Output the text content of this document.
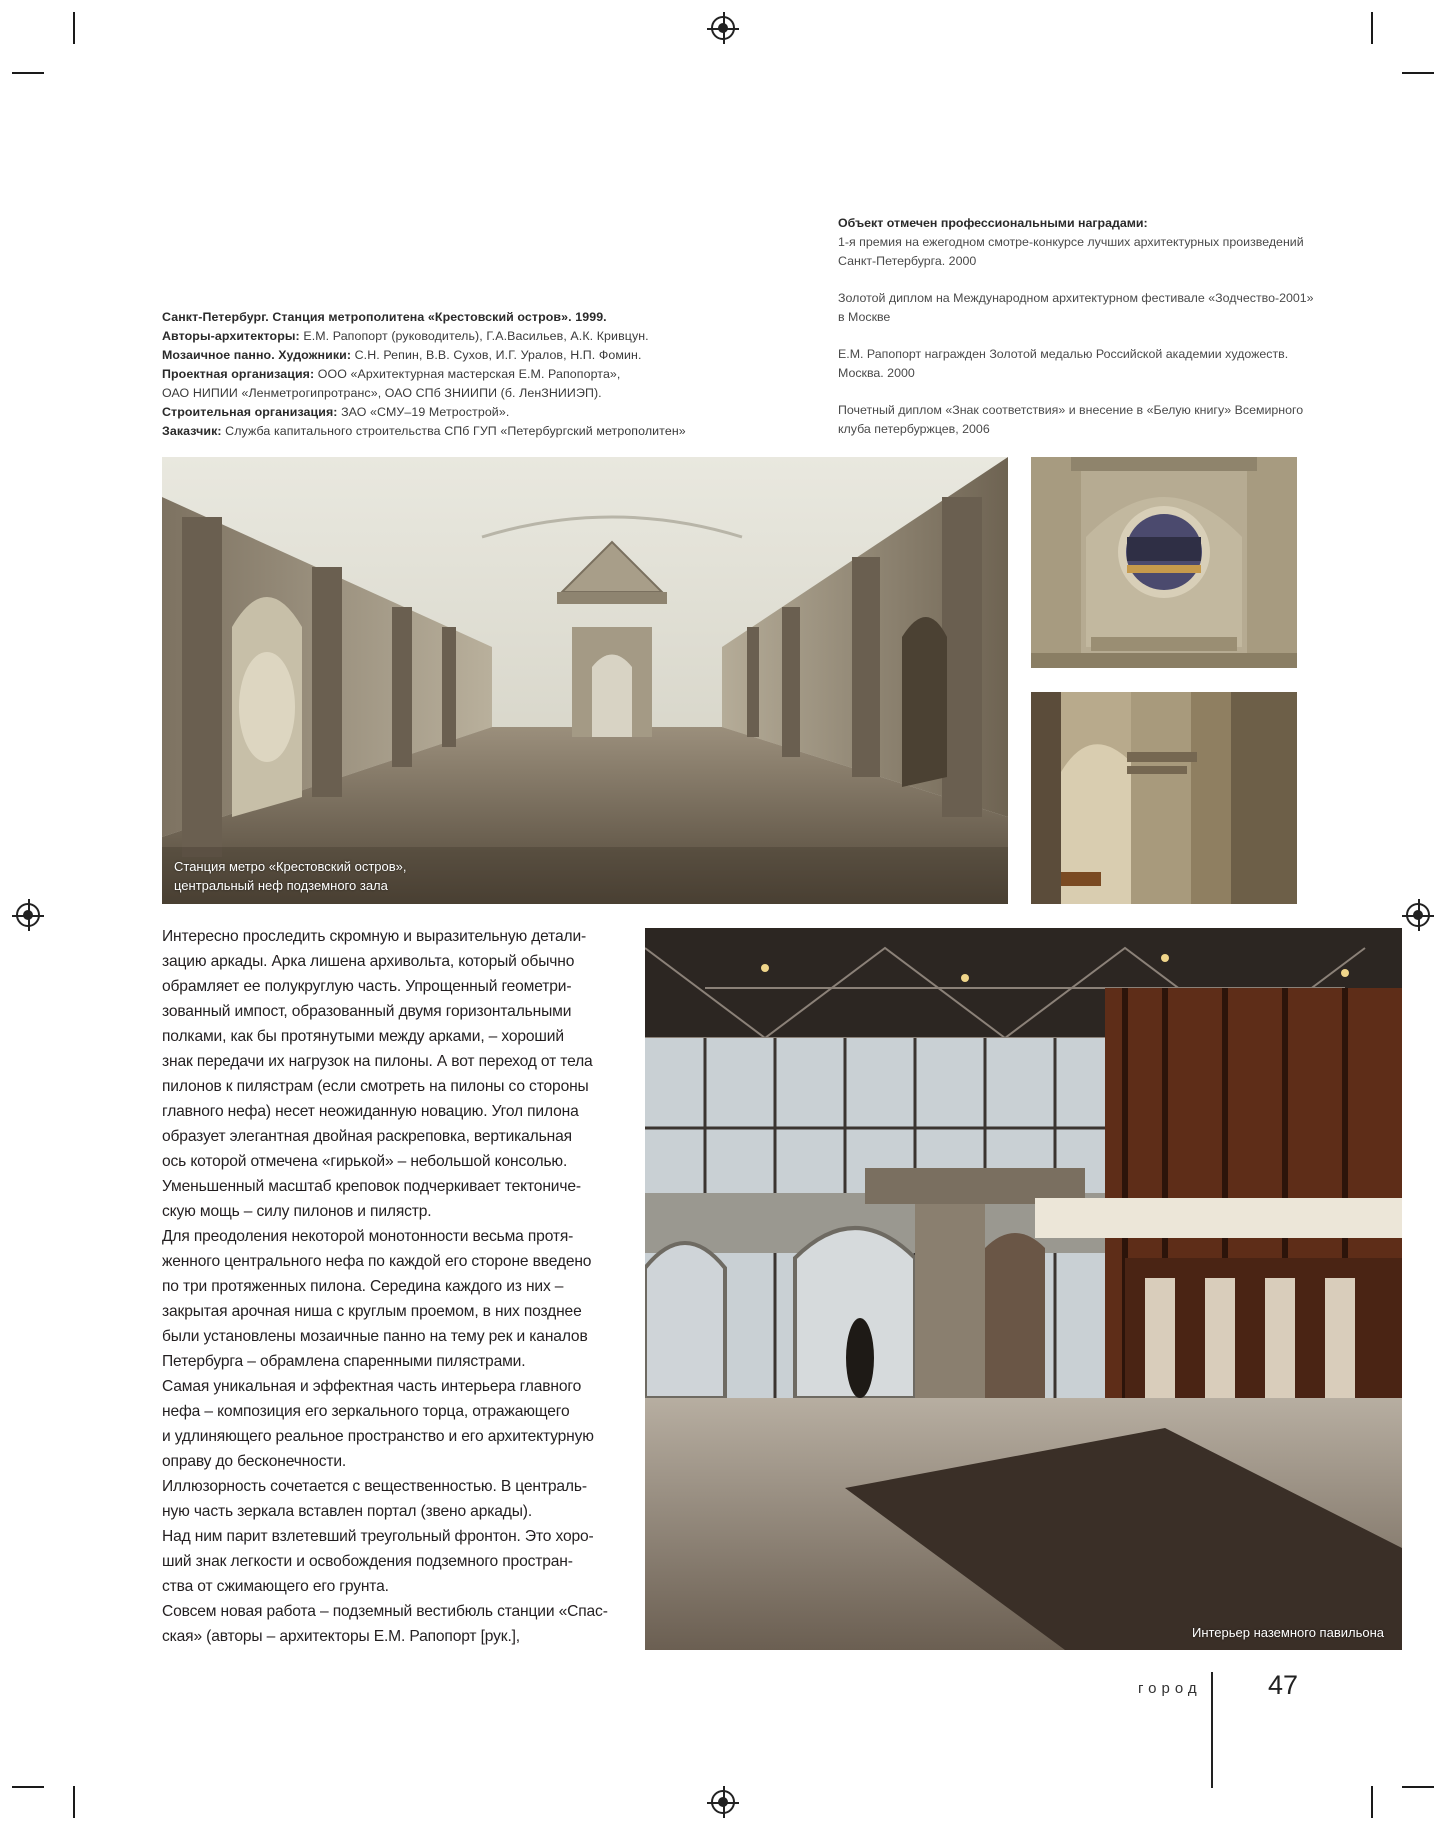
Санкт-Петербург. Станция метрополитена «Крестовский остров». 1999.
Авторы-архитекторы: Е.М. Рапопорт (руководитель), Г.А.Васильев, А.К. Кривцун.
Мозаичное панно. Художники: С.Н. Репин, В.В. Сухов, И.Г. Уралов, Н.П. Фомин.
Проектная организация: ООО «Архитектурная мастерская Е.М. Рапопорта»,
ОАО НИПИИ «Ленметрогипротранс», ОАО СПб ЗНИИПИ (б. ЛенЗНИИЭП).
Строительная организация: ЗАО «СМУ–19 Метрострой».
Заказчик: Служба капитального строительства СПб ГУП «Петербургский метрополитен»
Объект отмечен профессиональными наградами:

1-я премия на ежегодном смотре-конкурсе лучших архитектурных произведений Санкт-Петербурга. 2000

Золотой диплом на Международном архитектурном фестивале «Зодчество-2001» в Москве

Е.М. Рапопорт награжден Золотой медалью Российской академии художеств. Москва. 2000

Почетный диплом «Знак соответствия» и внесение в «Белую книгу» Всемирного клуба петербуржцев, 2006

Станция метро «Крестовский остров»,
центральный неф подземного зала
Интересно проследить скромную и выразительную детали-
зацию аркады. Арка лишена архивольта, который обычно
обрамляет ее полукруглую часть. Упрощенный геометри-
зованный импост, образованный двумя горизонтальными
полками, как бы протянутыми между арками, – хороший
знак передачи их нагрузок на пилоны. А вот переход от тела
пилонов к пилястрам (если смотреть на пилоны со стороны
главного нефа) несет неожиданную новацию. Угол пилона
образует элегантная двойная раскреповка, вертикальная
ось которой отмечена «гирькой» – небольшой консолью.
Уменьшенный масштаб креповок подчеркивает тектониче-
скую мощь – силу пилонов и пилястр.
Для преодоления некоторой монотонности весьма протя-
женного центрального нефа по каждой его стороне введено
по три протяженных пилона. Середина каждого из них –
закрытая арочная ниша с круглым проемом, в них позднее
были установлены мозаичные панно на тему рек и каналов
Петербурга – обрамлена спаренными пилястрами.
Самая уникальная и эффектная часть интерьера главного
нефа – композиция его зеркального торца, отражающего
и удлиняющего реальное пространство и его архитектурную
оправу до бесконечности.
Иллюзорность сочетается с вещественностью. В централь-
ную часть зеркала вставлен портал (звено аркады).
Над ним парит взлетевший треугольный фронтон. Это хоро-
ший знак легкости и освобождения подземного простран-
ства от сжимающего его грунта.
Совсем новая работа – подземный вестибюль станции «Спас-
ская» (авторы – архитекторы Е.М. Рапопорт [рук.],	Интерьер наземного павильона
город 47
